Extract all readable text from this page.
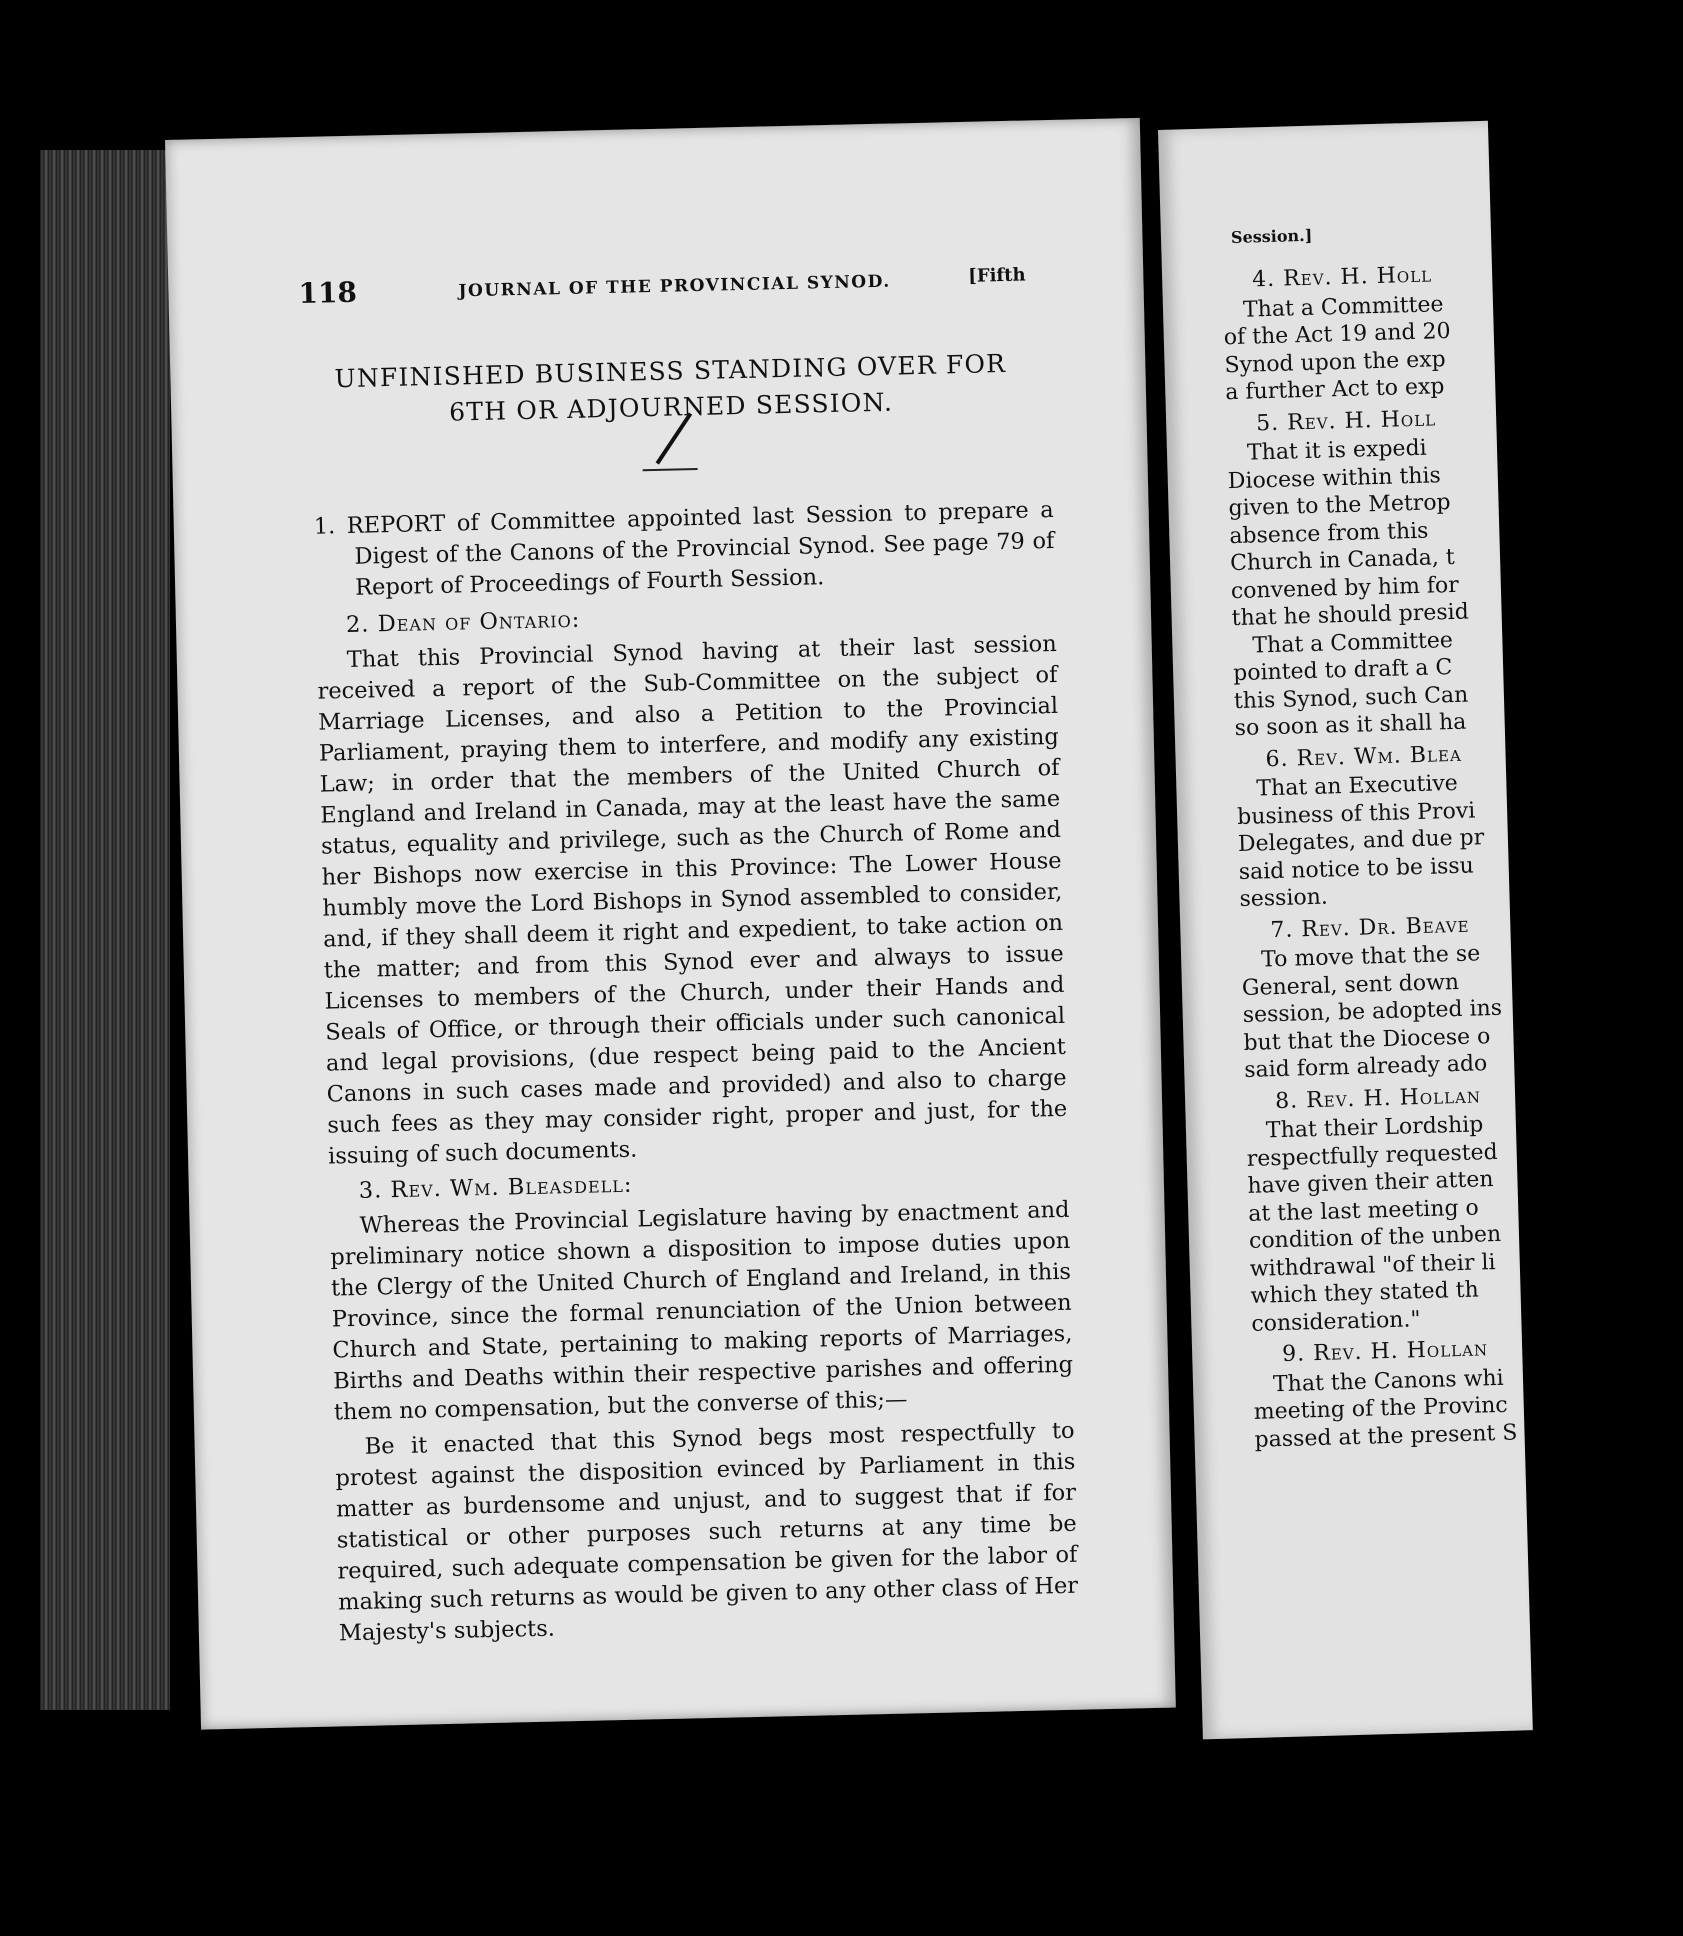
118	JOURNAL OF THE PROVINCIAL SYNOD.	[Fifth
UNFINISHED BUSINESS STANDING OVER FOR
6TH OR ADJOURNED SESSION.

1. REPORT of Committee appointed last Session to prepare a Digest of the Canons of the Provincial Synod. See page 79 of Report of Proceedings of Fourth Session.

2. Dean of Ontario:

That this Provincial Synod having at their last session received a report of the Sub-Committee on the subject of Marriage Licenses, and also a Petition to the Provincial Parliament, praying them to interfere, and modify any existing Law; in order that the members of the United Church of England and Ireland in Canada, may at the least have the same status, equality and privilege, such as the Church of Rome and her Bishops now exercise in this Province: The Lower House humbly move the Lord Bishops in Synod assembled to consider, and, if they shall deem it right and expedient, to take action on the matter; and from this Synod ever and always to issue Licenses to members of the Church, under their Hands and Seals of Office, or through their officials under such canonical and legal provisions, (due respect being paid to the Ancient Canons in such cases made and provided) and also to charge such fees as they may consider right, proper and just, for the issuing of such documents.

3. Rev. Wm. Bleasdell:

Whereas the Provincial Legislature having by enactment and preliminary notice shown a disposition to impose duties upon the Clergy of the United Church of England and Ireland, in this Province, since the formal renunciation of the Union between Church and State, pertaining to making reports of Marriages, Births and Deaths within their respective parishes and offering them no compensation, but the converse of this;—

Be it enacted that this Synod begs most respectfully to protest against the disposition evinced by Parliament in this matter as burdensome and unjust, and to suggest that if for statistical or other purposes such returns at any time be required, such adequate compensation be given for the labor of making such returns as would be given to any other class of Her Majesty's subjects.

Session.]
4. Rev. H. Holl
That a Committee
of the Act 19 and 20
Synod upon the exp
a further Act to exp
5. Rev. H. Holl
That it is expedi
Diocese within this
given to the Metrop
absence from this
Church in Canada, t
convened by him for
that he should presid
That a Committee
pointed to draft a C
this Synod, such Can
so soon as it shall ha
6. Rev. Wm. Blea
That an Executive
business of this Provi
Delegates, and due pr
said notice to be issu
session.
7. Rev. Dr. Beave
To move that the se
General, sent down
session, be adopted ins
but that the Diocese o
said form already ado
8. Rev. H. Hollan
That their Lordship
respectfully requested
have given their atten
at the last meeting o
condition of the unben
withdrawal "of their li
which they stated th
consideration."
9. Rev. H. Hollan
That the Canons whi
meeting of the Provinc
passed at the present S
